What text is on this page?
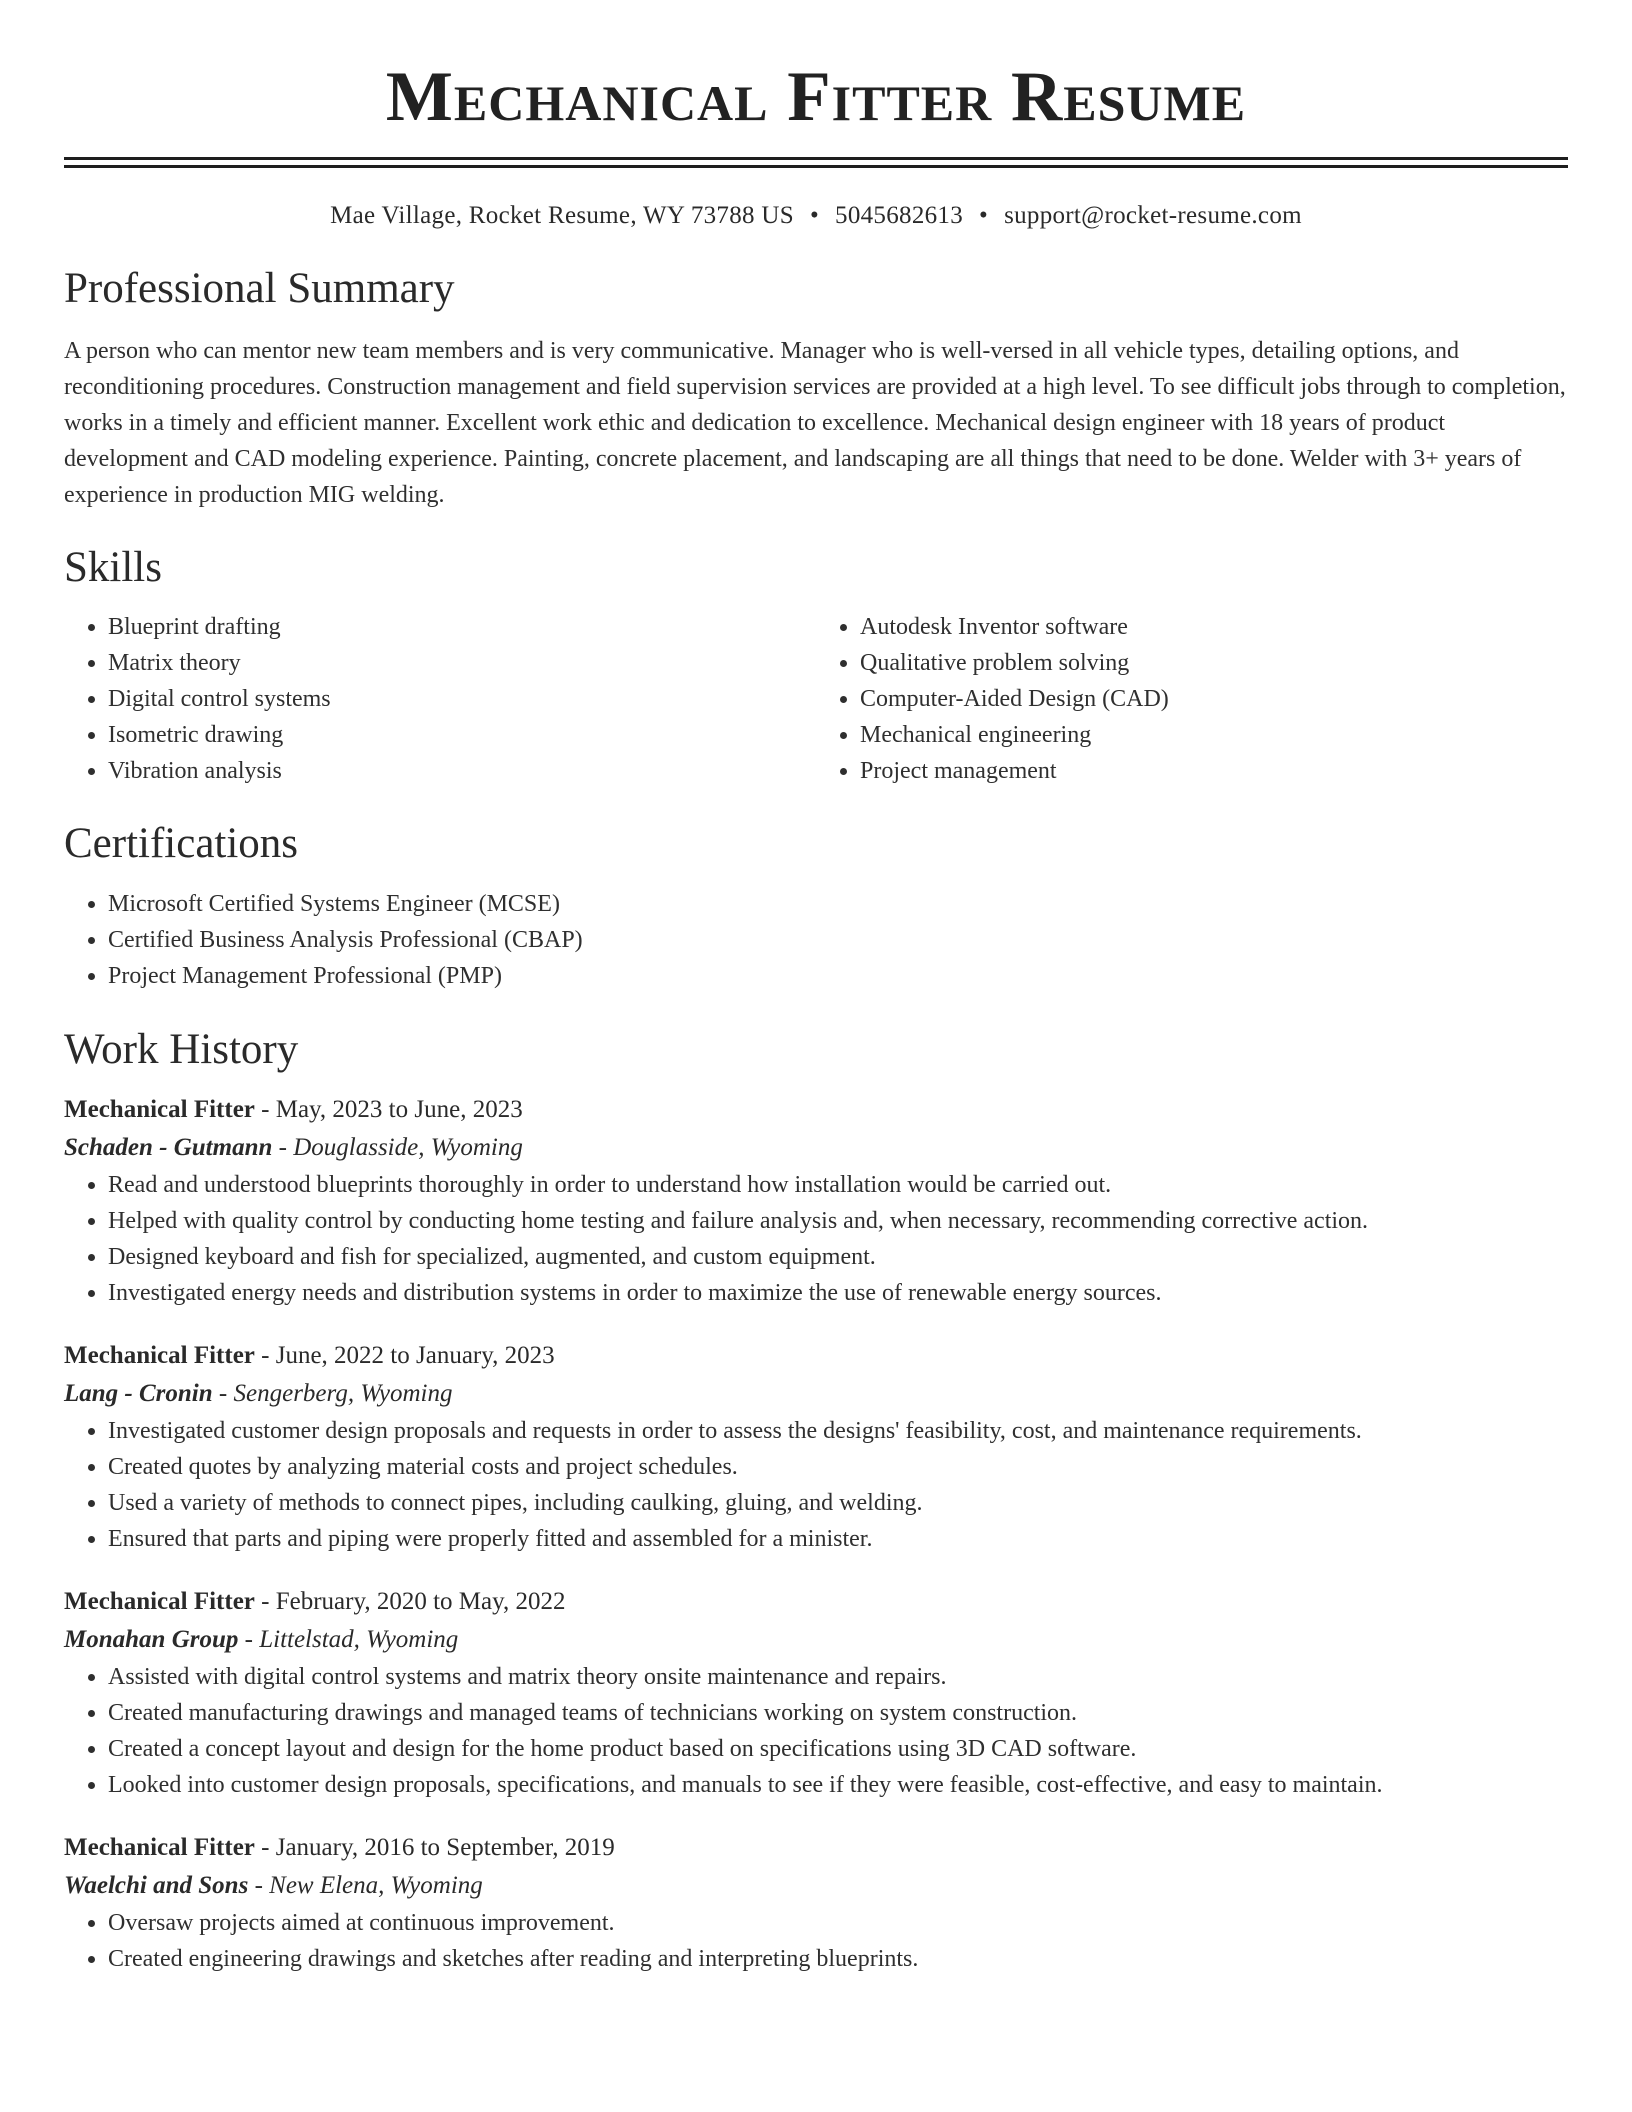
Mechanical Fitter Resume
Mae Village, Rocket Resume, WY 73788 US • 5045682613 • support@rocket-resume.com
Professional Summary

A person who can mentor new team members and is very communicative. Manager who is well-versed in all vehicle types, detailing options, and reconditioning procedures. Construction management and field supervision services are provided at a high level. To see difficult jobs through to completion, works in a timely and efficient manner. Excellent work ethic and dedication to excellence. Mechanical design engineer with 18 years of product development and CAD modeling experience. Painting, concrete placement, and landscaping are all things that need to be done. Welder with 3+ years of experience in production MIG welding.

Skills
• Blueprint drafting
• Matrix theory
• Digital control systems
• Isometric drawing
• Vibration analysis
• Autodesk Inventor software
• Qualitative problem solving
• Computer-Aided Design (CAD)
• Mechanical engineering
• Project management
Certifications
• Microsoft Certified Systems Engineer (MCSE)
• Certified Business Analysis Professional (CBAP)
• Project Management Professional (PMP)
Work History
Mechanical Fitter - May, 2023 to June, 2023
Schaden - Gutmann - Douglasside, Wyoming
• Read and understood blueprints thoroughly in order to understand how installation would be carried out.
• Helped with quality control by conducting home testing and failure analysis and, when necessary, recommending corrective action.
• Designed keyboard and fish for specialized, augmented, and custom equipment.
• Investigated energy needs and distribution systems in order to maximize the use of renewable energy sources.
Mechanical Fitter - June, 2022 to January, 2023
Lang - Cronin - Sengerberg, Wyoming
• Investigated customer design proposals and requests in order to assess the designs' feasibility, cost, and maintenance requirements.
• Created quotes by analyzing material costs and project schedules.
• Used a variety of methods to connect pipes, including caulking, gluing, and welding.
• Ensured that parts and piping were properly fitted and assembled for a minister.
Mechanical Fitter - February, 2020 to May, 2022
Monahan Group - Littelstad, Wyoming
• Assisted with digital control systems and matrix theory onsite maintenance and repairs.
• Created manufacturing drawings and managed teams of technicians working on system construction.
• Created a concept layout and design for the home product based on specifications using 3D CAD software.
• Looked into customer design proposals, specifications, and manuals to see if they were feasible, cost-effective, and easy to maintain.
Mechanical Fitter - January, 2016 to September, 2019
Waelchi and Sons - New Elena, Wyoming
• Oversaw projects aimed at continuous improvement.
• Created engineering drawings and sketches after reading and interpreting blueprints.
